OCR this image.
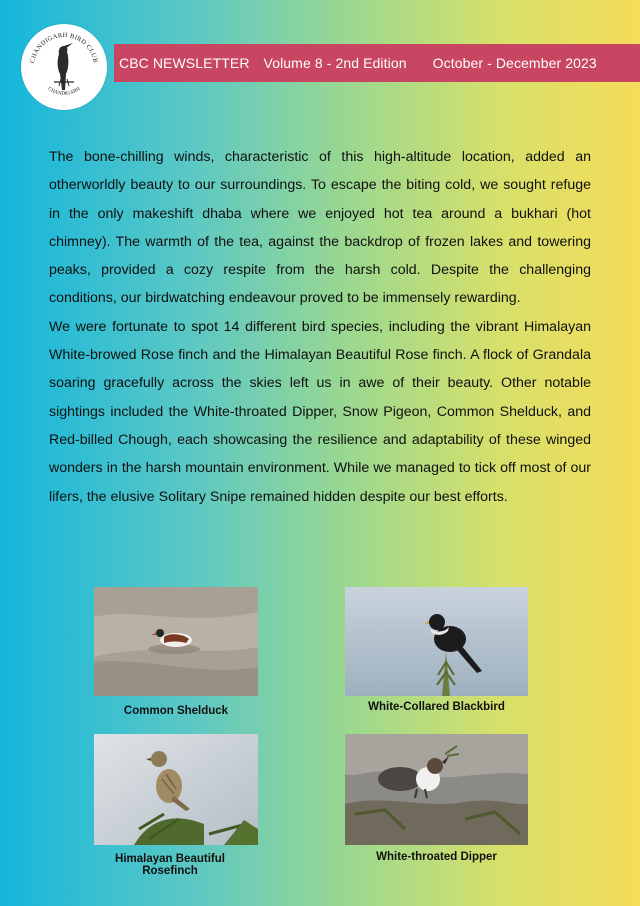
CHANDIGARH BIRD CLUB
CHANDIGARH
CBC NEWSLETTER Volume 8 - 2nd Edition October - December 2023

The bone-chilling winds, characteristic of this high-altitude location, added an otherworldly beauty to our surroundings. To escape the biting cold, we sought refuge in the only makeshift dhaba where we enjoyed hot tea around a bukhari (hot chimney). The warmth of the tea, against the backdrop of frozen lakes and towering peaks, provided a cozy respite from the harsh cold. Despite the challenging conditions, our birdwatching endeavour proved to be immensely rewarding.

We were fortunate to spot 14 different bird species, including the vibrant Himalayan White-browed Rose finch and the Himalayan Beautiful Rose finch. A flock of Grandala soaring gracefully across the skies left us in awe of their beauty. Other notable sightings included the White-throated Dipper, Snow Pigeon, Common Shelduck, and Red-billed Chough, each showcasing the resilience and adaptability of these winged wonders in the harsh mountain environment. While we managed to tick off most of our lifers, the elusive Solitary Snipe remained hidden despite our best efforts.

Common Shelduck	White-Collared Blackbird
Himalayan Beautiful Rosefinch
White-throated Dipper
